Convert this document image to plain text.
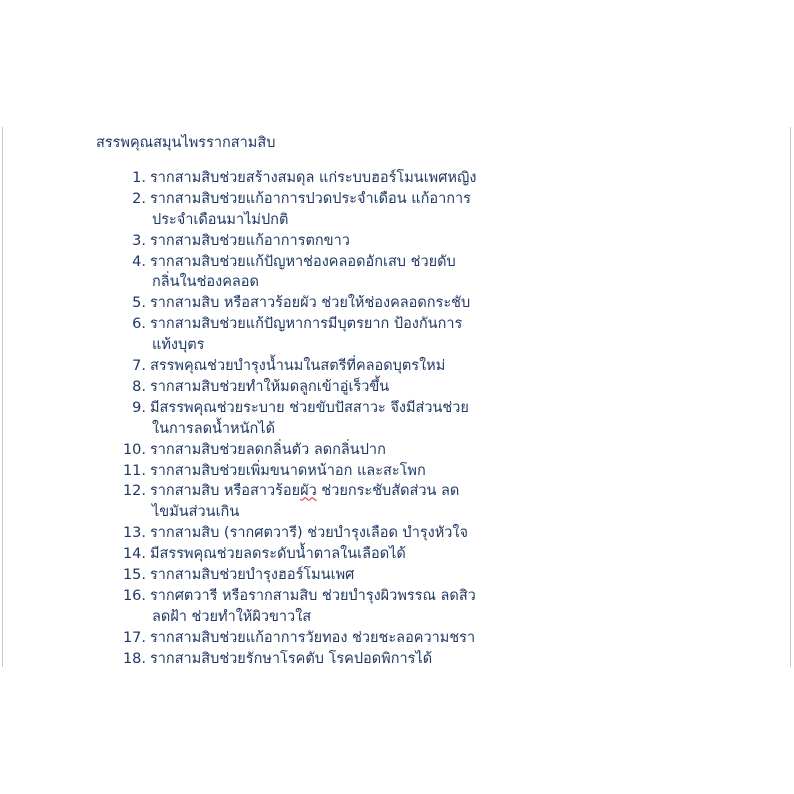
สรรพคุณสมุนไพรรากสามสิบ
1. รากสามสิบช่วยสร้างสมดุล แก่ระบบฮอร์โมนเพศหญิง
2. รากสามสิบช่วยแก้อาการปวดประจำเดือน แก้อาการ
ประจำเดือนมาไม่ปกติ
3. รากสามสิบช่วยแก้อาการตกขาว
4. รากสามสิบช่วยแก้ปัญหาช่องคลอดอักเสบ ช่วยดับ
กลิ่นในช่องคลอด
5. รากสามสิบ หรือสาวร้อยผัว ช่วยให้ช่องคลอดกระชับ
6. รากสามสิบช่วยแก้ปัญหาการมีบุตรยาก ป้องกันการ
แท้งบุตร
7. สรรพคุณช่วยบำรุงน้ำนมในสตรีที่คลอดบุตรใหม่
8. รากสามสิบช่วยทำให้มดลูกเข้าอู่เร็วขึ้น
9. มีสรรพคุณช่วยระบาย ช่วยขับปัสสาวะ จึงมีส่วนช่วย
ในการลดน้ำหนักได้
10. รากสามสิบช่วยลดกลิ่นตัว ลดกลิ่นปาก
11. รากสามสิบช่วยเพิ่มขนาดหน้าอก และสะโพก
12. รากสามสิบ หรือสาวร้อยผัว ช่วยกระชับสัดส่วน ลด
ไขมันส่วนเกิน
13. รากสามสิบ (รากศตวารี) ช่วยบำรุงเลือด บำรุงหัวใจ
14. มีสรรพคุณช่วยลดระดับน้ำตาลในเลือดได้
15. รากสามสิบช่วยบำรุงฮอร์โมนเพศ
16. รากศตวารี หรือรากสามสิบ ช่วยบำรุงผิวพรรณ ลดสิว
ลดฝ้า ช่วยทำให้ผิวขาวใส
17. รากสามสิบช่วยแก้อาการวัยทอง ช่วยชะลอความชรา
18. รากสามสิบช่วยรักษาโรคตับ โรคปอดพิการได้
